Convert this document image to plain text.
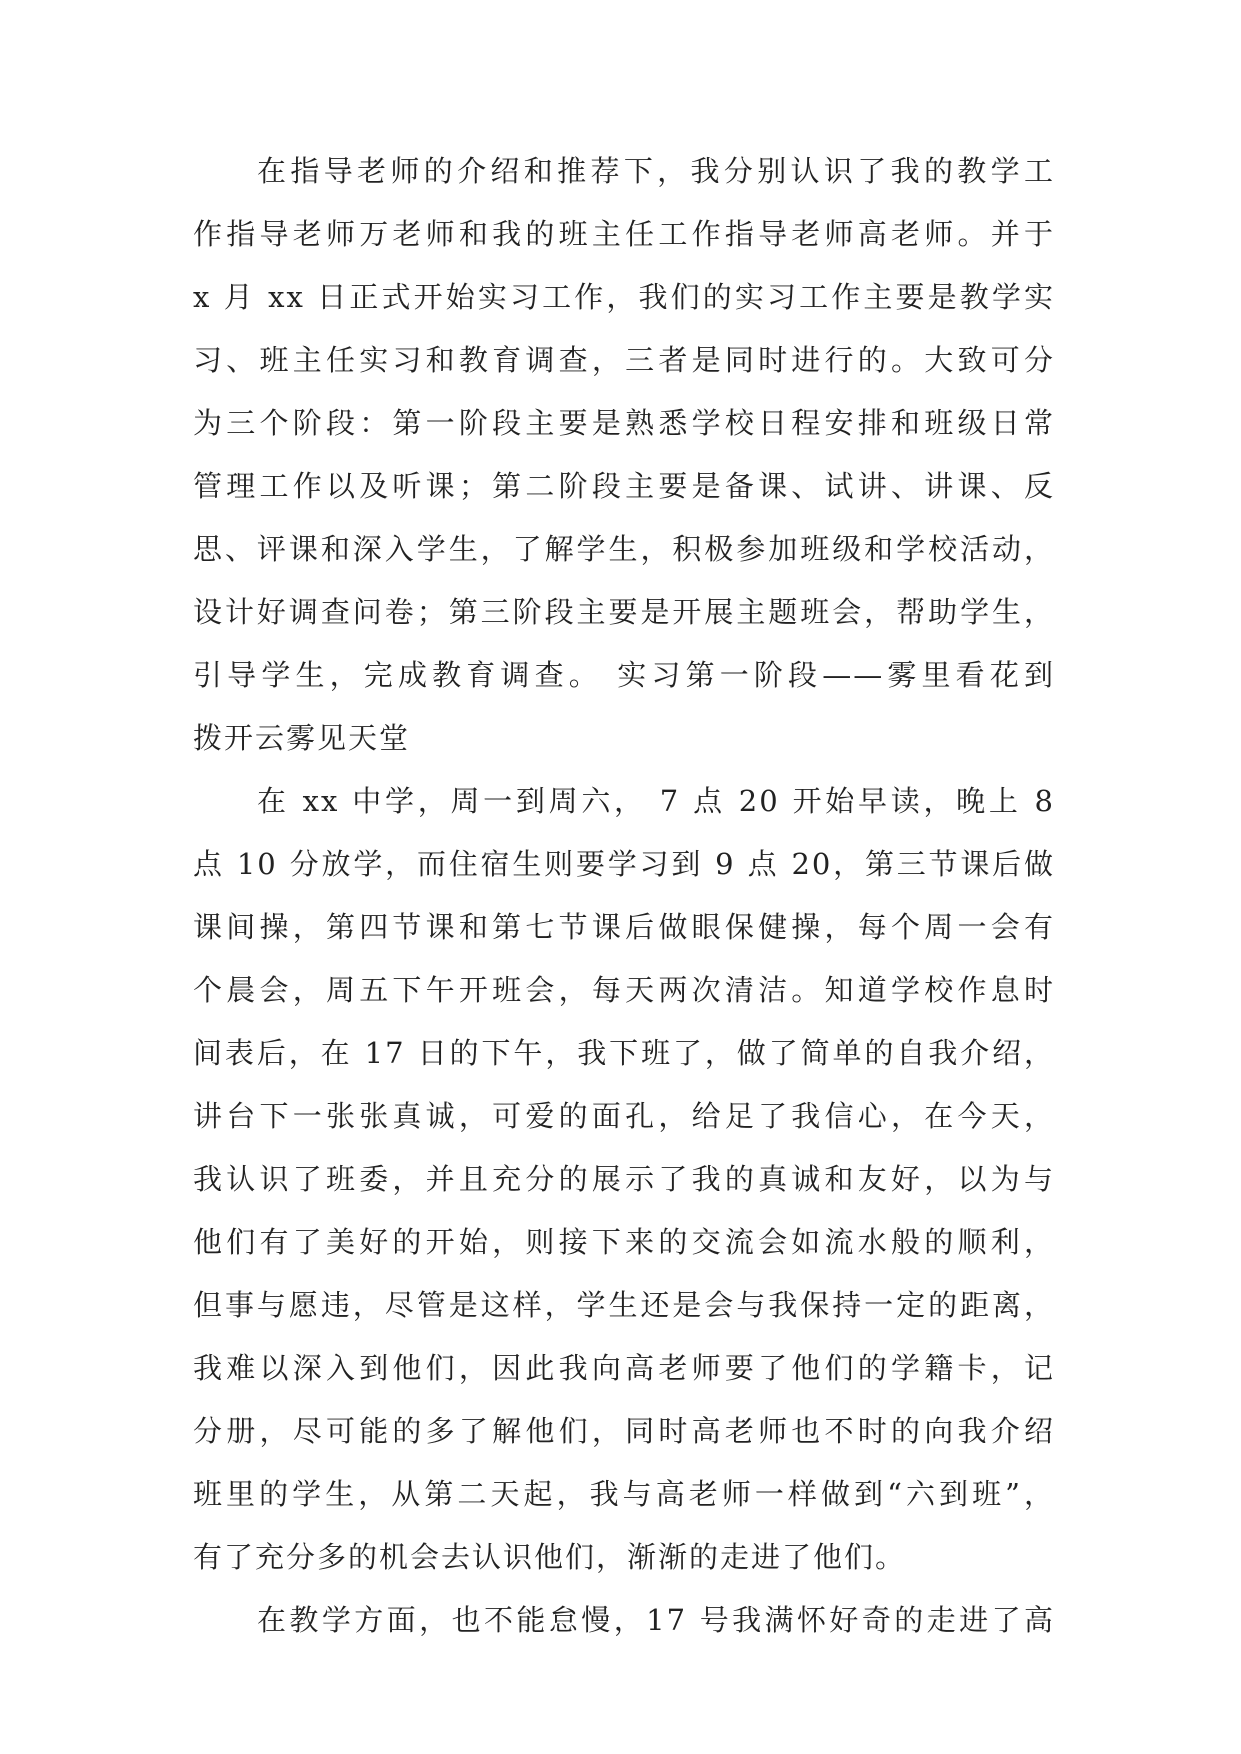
在指导老师的介绍和推荐下，我分别认识了我的教学工
作指导老师万老师和我的班主任工作指导老师高老师。并于
x 月 xx 日正式开始实习工作，我们的实习工作主要是教学实
习、班主任实习和教育调查，三者是同时进行的。大致可分
为三个阶段：第一阶段主要是熟悉学校日程安排和班级日常
管理工作以及听课；第二阶段主要是备课、试讲、讲课、反
思、评课和深入学生，了解学生，积极参加班级和学校活动，
设计好调查问卷；第三阶段主要是开展主题班会，帮助学生，
引导学生，完成教育调查。 实习第一阶段——雾里看花到
拨开云雾见天堂
在 xx 中学，周一到周六， 7 点 20 开始早读，晚上 8
点 10 分放学，而住宿生则要学习到 9 点 20，第三节课后做
课间操，第四节课和第七节课后做眼保健操，每个周一会有
个晨会，周五下午开班会，每天两次清洁。知道学校作息时
间表后，在 17 日的下午，我下班了，做了简单的自我介绍，
讲台下一张张真诚，可爱的面孔，给足了我信心，在今天，
我认识了班委，并且充分的展示了我的真诚和友好，以为与
他们有了美好的开始，则接下来的交流会如流水般的顺利，
但事与愿违，尽管是这样，学生还是会与我保持一定的距离，
我难以深入到他们，因此我向高老师要了他们的学籍卡，记
分册，尽可能的多了解他们，同时高老师也不时的向我介绍
班里的学生，从第二天起，我与高老师一样做到“六到班”，
有了充分多的机会去认识他们，渐渐的走进了他们。
在教学方面，也不能怠慢，17 号我满怀好奇的走进了高
